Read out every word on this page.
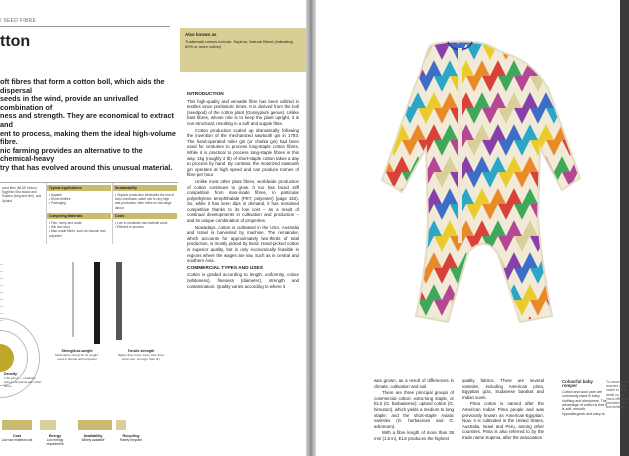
/ SEED FIBRE
tton	Also known as
Trademark names include: Supima, Natural Blend (indicating 60% or more cotton)
oft fibres that form a cotton boll, which aids the dispersal
seeds in the wind, provide an unrivalled combination of
ness and strength. They are economical to extract and
ent to process, making them the ideal high-volume fibre.
nic farming provides an alternative to the chemical-heavy
try that has evolved around this unusual material.
seed fibre (BLUE below): Egyptian Sea Island and Supima (long and fine), and Upland
Typical Applications
• Apparel
• Home textiles
• Packaging
Sustainability
• Organic production eliminates the use of toxic chemicals; water use is very high and production often relies on low-wage labour
Competing Materials
• Flax, hemp and ramie
• Silk and wool
• Man-made fibres, such as viscose and polyester
Costs
• Low to moderate raw material costs
• Efficient to process
—
—
—
—
—
—
—
—
—
Density
1.54 g/cm³ — relatively dense compared with other fibres
Strength-to-weight
Moderately strong for its weight, used in blends with polyester
Tensile strength
Higher than wool, lower than linen when wet, stronger than dry
Cost
Low raw material cost
Energy
Low energy requirement
Availability
Widely available
Recycling
Rarely recycled
INTRODUCTION

This high-quality and versatile fibre has been utilized in textiles since prehistoric times. It is derived from the boll (seedpod) of the cotton plant (Gossypium genus). Unlike bast fibres, whose role is to keep the plant upright, it is non-structural, resulting in a soft and supple fibre.

Cotton production scaled up dramatically following the invention of the mechanized sawtooth gin in 1793. The hand-operated roller gin (or charka gin) had been used for centuries to process long-staple cotton fibres. While it is practical to process long-staple fibres in this way, 1kg (roughly 2 lb) of short-staple cotton takes a day to process by hand. By contrast, the motorized sawtooth gin operates at high speed and can produce tonnes of fibre per hour.

Unlike most other plant fibres, worldwide production of cotton continues to grow. It too has faced stiff competition from man-made fibres, in particular polyethylene terephthalate (PET, polyester) (page 152). So, while it has seen dips in demand, it has remained competitive thanks to its low cost – as a result of continual developments in cultivation and production – and its unique combination of properties.

Nowadays, cotton is cultivated in the USA, Australia and Israel is harvested by machine. The remainder, which accounts for approximately two-thirds of total production, is mostly picked by hand. Hand-picked cotton is superior quality, but is only economically feasible in regions where the wages are low, such as in central and southern Asia.

COMMERCIAL TYPES AND USES

Cotton is graded according to length, uniformity, colour (whiteness), fineness (diameter), strength and contamination. Quality varies according to where it

was grown, as a result of differences in climate, cultivation and soil.

There are three principal groups of commercial cotton: extra-long staple, or ELS (G. barbadense); upland cotton (G. hirsutum), which yields a medium to long staple; and the short-staple Asiatic varieties (G. herbaceum and G. arboreum).

With a fibre length of more than 38 mm (1.5 in), ELS produces the highest

quality fabrics. There are several varieties, including American pima, Egyptian giza, Sudanese barakat and Indian suvin.

Pima cotton is named after the American Indian Pima people and was previously known as American-Egyptian. Now, it is cultivated in the United States, Australia, Israel and Peru, among other countries. Pima is also referred to by the trade name Supima, after the association

Colourful baby romper
Cotton and wool yarn are commonly used in baby clothing and sleepwear. The advantage of cotton is that it is soft, smooth, hypoallergenic and easy to
To cause of the
reached and I
easier to print
detail on the
Hand-offers we
insulation, ble
and knitting.
